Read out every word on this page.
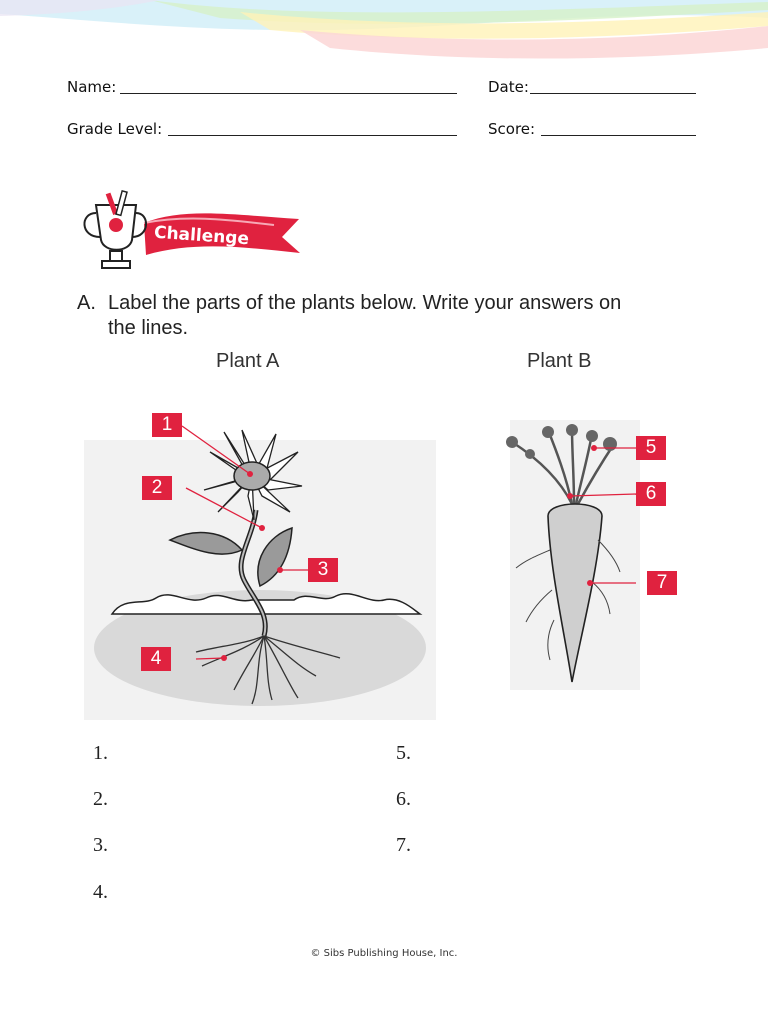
Name:	Date:
Grade Level:	Score:
Challenge
A. Label the parts of the plants below. Write your answers on
the lines.
Plant A	Plant B
1
2
3
4
5
6
7
1.
2.
3.
4.
5.
6.
7.
© Sibs Publishing House, Inc.
